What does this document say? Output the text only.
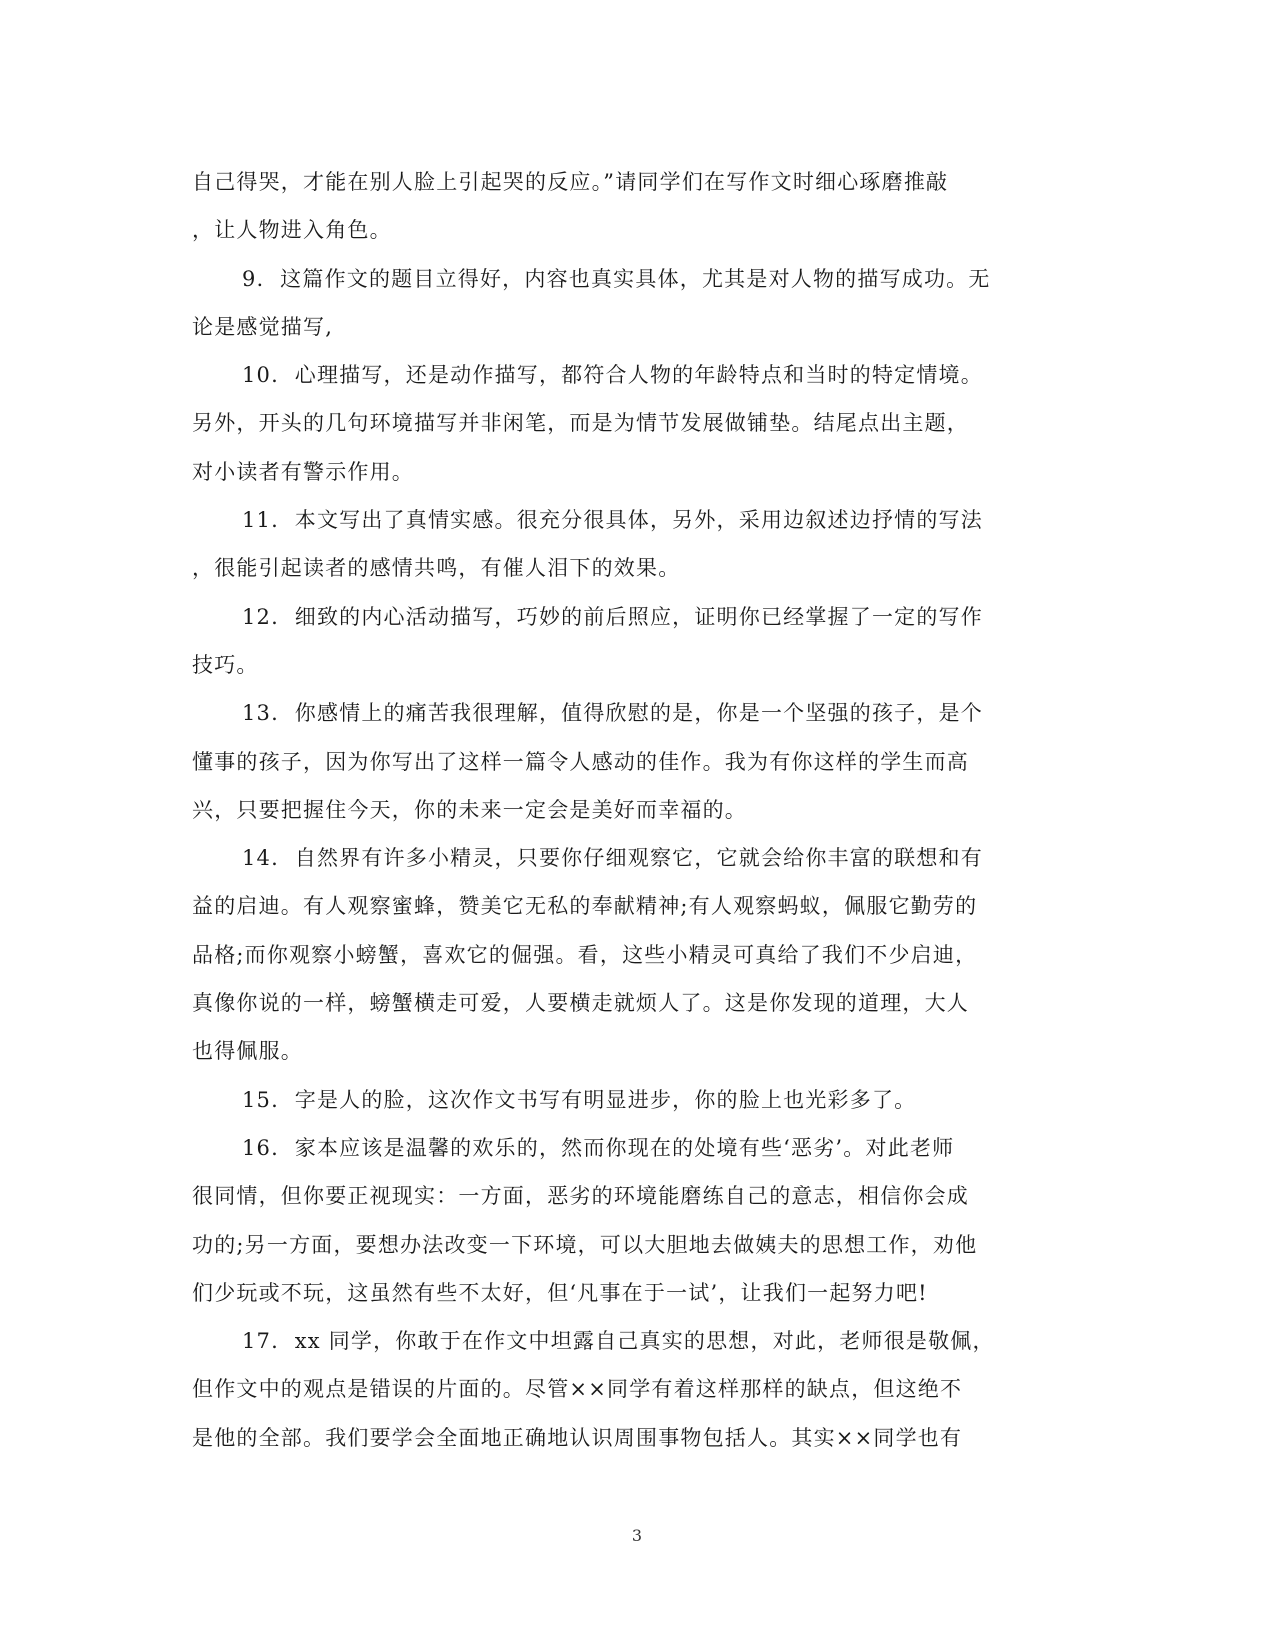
自己得哭，才能在别人脸上引起哭的反应。”请同学们在写作文时细心琢磨推敲

，让人物进入角色。

9.  这篇作文的题目立得好，内容也真实具体，尤其是对人物的描写成功。无

论是感觉描写,

10.  心理描写，还是动作描写，都符合人物的年龄特点和当时的特定情境。

另外，开头的几句环境描写并非闲笔，而是为情节发展做铺垫。结尾点出主题，

对小读者有警示作用。

11.  本文写出了真情实感。很充分很具体，另外，采用边叙述边抒情的写法

，很能引起读者的感情共鸣，有催人泪下的效果。

12.  细致的内心活动描写，巧妙的前后照应，证明你已经掌握了一定的写作

技巧。

13.  你感情上的痛苦我很理解，值得欣慰的是，你是一个坚强的孩子，是个

懂事的孩子，因为你写出了这样一篇令人感动的佳作。我为有你这样的学生而高

兴，只要把握住今天，你的未来一定会是美好而幸福的。

14.  自然界有许多小精灵，只要你仔细观察它，它就会给你丰富的联想和有

益的启迪。有人观察蜜蜂，赞美它无私的奉献精神;有人观察蚂蚁，佩服它勤劳的

品格;而你观察小螃蟹，喜欢它的倔强。看，这些小精灵可真给了我们不少启迪，

真像你说的一样，螃蟹横走可爱，人要横走就烦人了。这是你发现的道理，大人

也得佩服。

15.  字是人的脸，这次作文书写有明显进步，你的脸上也光彩多了。

16.  家本应该是温馨的欢乐的，然而你现在的处境有些‘恶劣’。对此老师

很同情，但你要正视现实：一方面，恶劣的环境能磨练自己的意志，相信你会成

功的;另一方面，要想办法改变一下环境，可以大胆地去做姨夫的思想工作，劝他

们少玩或不玩，这虽然有些不太好，但‘凡事在于一试’，让我们一起努力吧!

17.  xx 同学，你敢于在作文中坦露自己真实的思想，对此，老师很是敬佩，

但作文中的观点是错误的片面的。尽管××同学有着这样那样的缺点，但这绝不

是他的全部。我们要学会全面地正确地认识周围事物包括人。其实××同学也有

3
